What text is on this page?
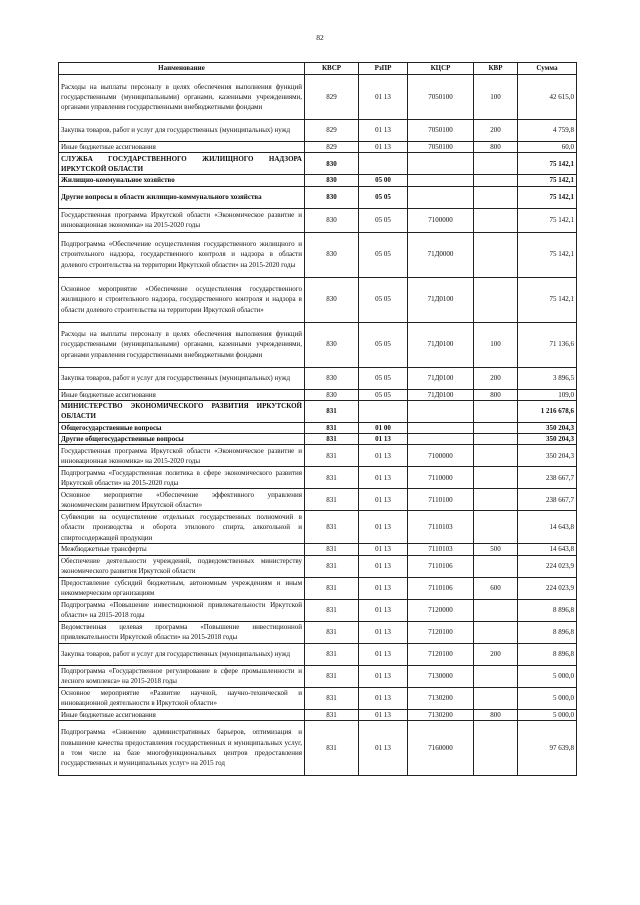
82
Наименование	КВСР	РзПР	КЦСР	КВР	Сумма
Расходы на выплаты персоналу в целях обеспечения выполнения функций государственными (муниципальными) органами, казенными учреждениями, органами управления государственными внебюджетными фондами	829	01 13	7050100	100	42 615,0
Закупка товаров, работ и услуг для государственных (муниципальных) нужд	829	01 13	7050100	200	4 759,8
Иные бюджетные ассигнования	829	01 13	7050100	800	60,0
СЛУЖБА ГОСУДАРСТВЕННОГО ЖИЛИЩНОГО НАДЗОРА ИРКУТСКОЙ ОБЛАСТИ	830				75 142,1
Жилищно-коммунальное хозяйство	830	05 00			75 142,1
Другие вопросы в области жилищно-коммунального хозяйства	830	05 05			75 142,1
Государственная программа Иркутской области «Экономическое развитие и инновационная экономика» на 2015-2020 годы	830	05 05	7100000		75 142,1
Подпрограмма «Обеспечение осуществления государственного жилищного и строительного надзора, государственного контроля и надзора в области долевого строительства на территории Иркутской области» на 2015-2020 годы	830	05 05	71Д0000		75 142,1
Основное мероприятие «Обеспечение осуществления государственного жилищного и строительного надзора, государственного контроля и надзора в области долевого строительства на территории Иркутской области»	830	05 05	71Д0100		75 142,1
Расходы на выплаты персоналу в целях обеспечения выполнения функций государственными (муниципальными) органами, казенными учреждениями, органами управления государственными внебюджетными фондами	830	05 05	71Д0100	100	71 136,6
Закупка товаров, работ и услуг для государственных (муниципальных) нужд	830	05 05	71Д0100	200	3 896,5
Иные бюджетные ассигнования	830	05 05	71Д0100	800	109,0
МИНИСТЕРСТВО ЭКОНОМИЧЕСКОГО РАЗВИТИЯ ИРКУТСКОЙ ОБЛАСТИ	831				1 216 678,6
Общегосударственные вопросы	831	01 00			350 204,3
Другие общегосударственные вопросы	831	01 13			350 204,3
Государственная программа Иркутской области «Экономическое развитие и инновационная экономика» на 2015-2020 годы	831	01 13	7100000		350 204,3
Подпрограмма «Государственная политика в сфере экономического развития Иркутской области» на 2015-2020 годы	831	01 13	7110000		238 667,7
Основное мероприятие «Обеспечение эффективного управления экономическим развитием Иркутской области»	831	01 13	7110100		238 667,7
Субвенции на осуществление отдельных государственных полномочий в области производства и оборота этилового спирта, алкогольной и спиртосодержащей продукции	831	01 13	7110103		14 643,8
Межбюджетные трансферты	831	01 13	7110103	500	14 643,8
Обеспечение деятельности учреждений, подведомственных министерству экономического развития Иркутской области	831	01 13	7110106		224 023,9
Предоставление субсидий бюджетным, автономным учреждениям и иным некоммерческим организациям	831	01 13	7110106	600	224 023,9
Подпрограмма «Повышение инвестиционной привлекательности Иркутской области» на 2015-2018 годы	831	01 13	7120000		8 896,8
Ведомственная целевая программа «Повышение инвестиционной привлекательности Иркутской области» на 2015-2018 годы	831	01 13	7120100		8 896,8
Закупка товаров, работ и услуг для государственных (муниципальных) нужд	831	01 13	7120100	200	8 896,8
Подпрограмма «Государственное регулирование в сфере промышленности и лесного комплекса» на 2015-2018 годы	831	01 13	7130000		5 000,0
Основное мероприятие «Развитие научной, научно-технической и инновационной деятельности в Иркутской области»	831	01 13	7130200		5 000,0
Иные бюджетные ассигнования	831	01 13	7130200	800	5 000,0
Подпрограмма «Снижение административных барьеров, оптимизация и повышение качества предоставления государственных и муниципальных услуг, в том числе на базе многофункциональных центров предоставления государственных и муниципальных услуг» на 2015 год	831	01 13	7160000		97 639,8
